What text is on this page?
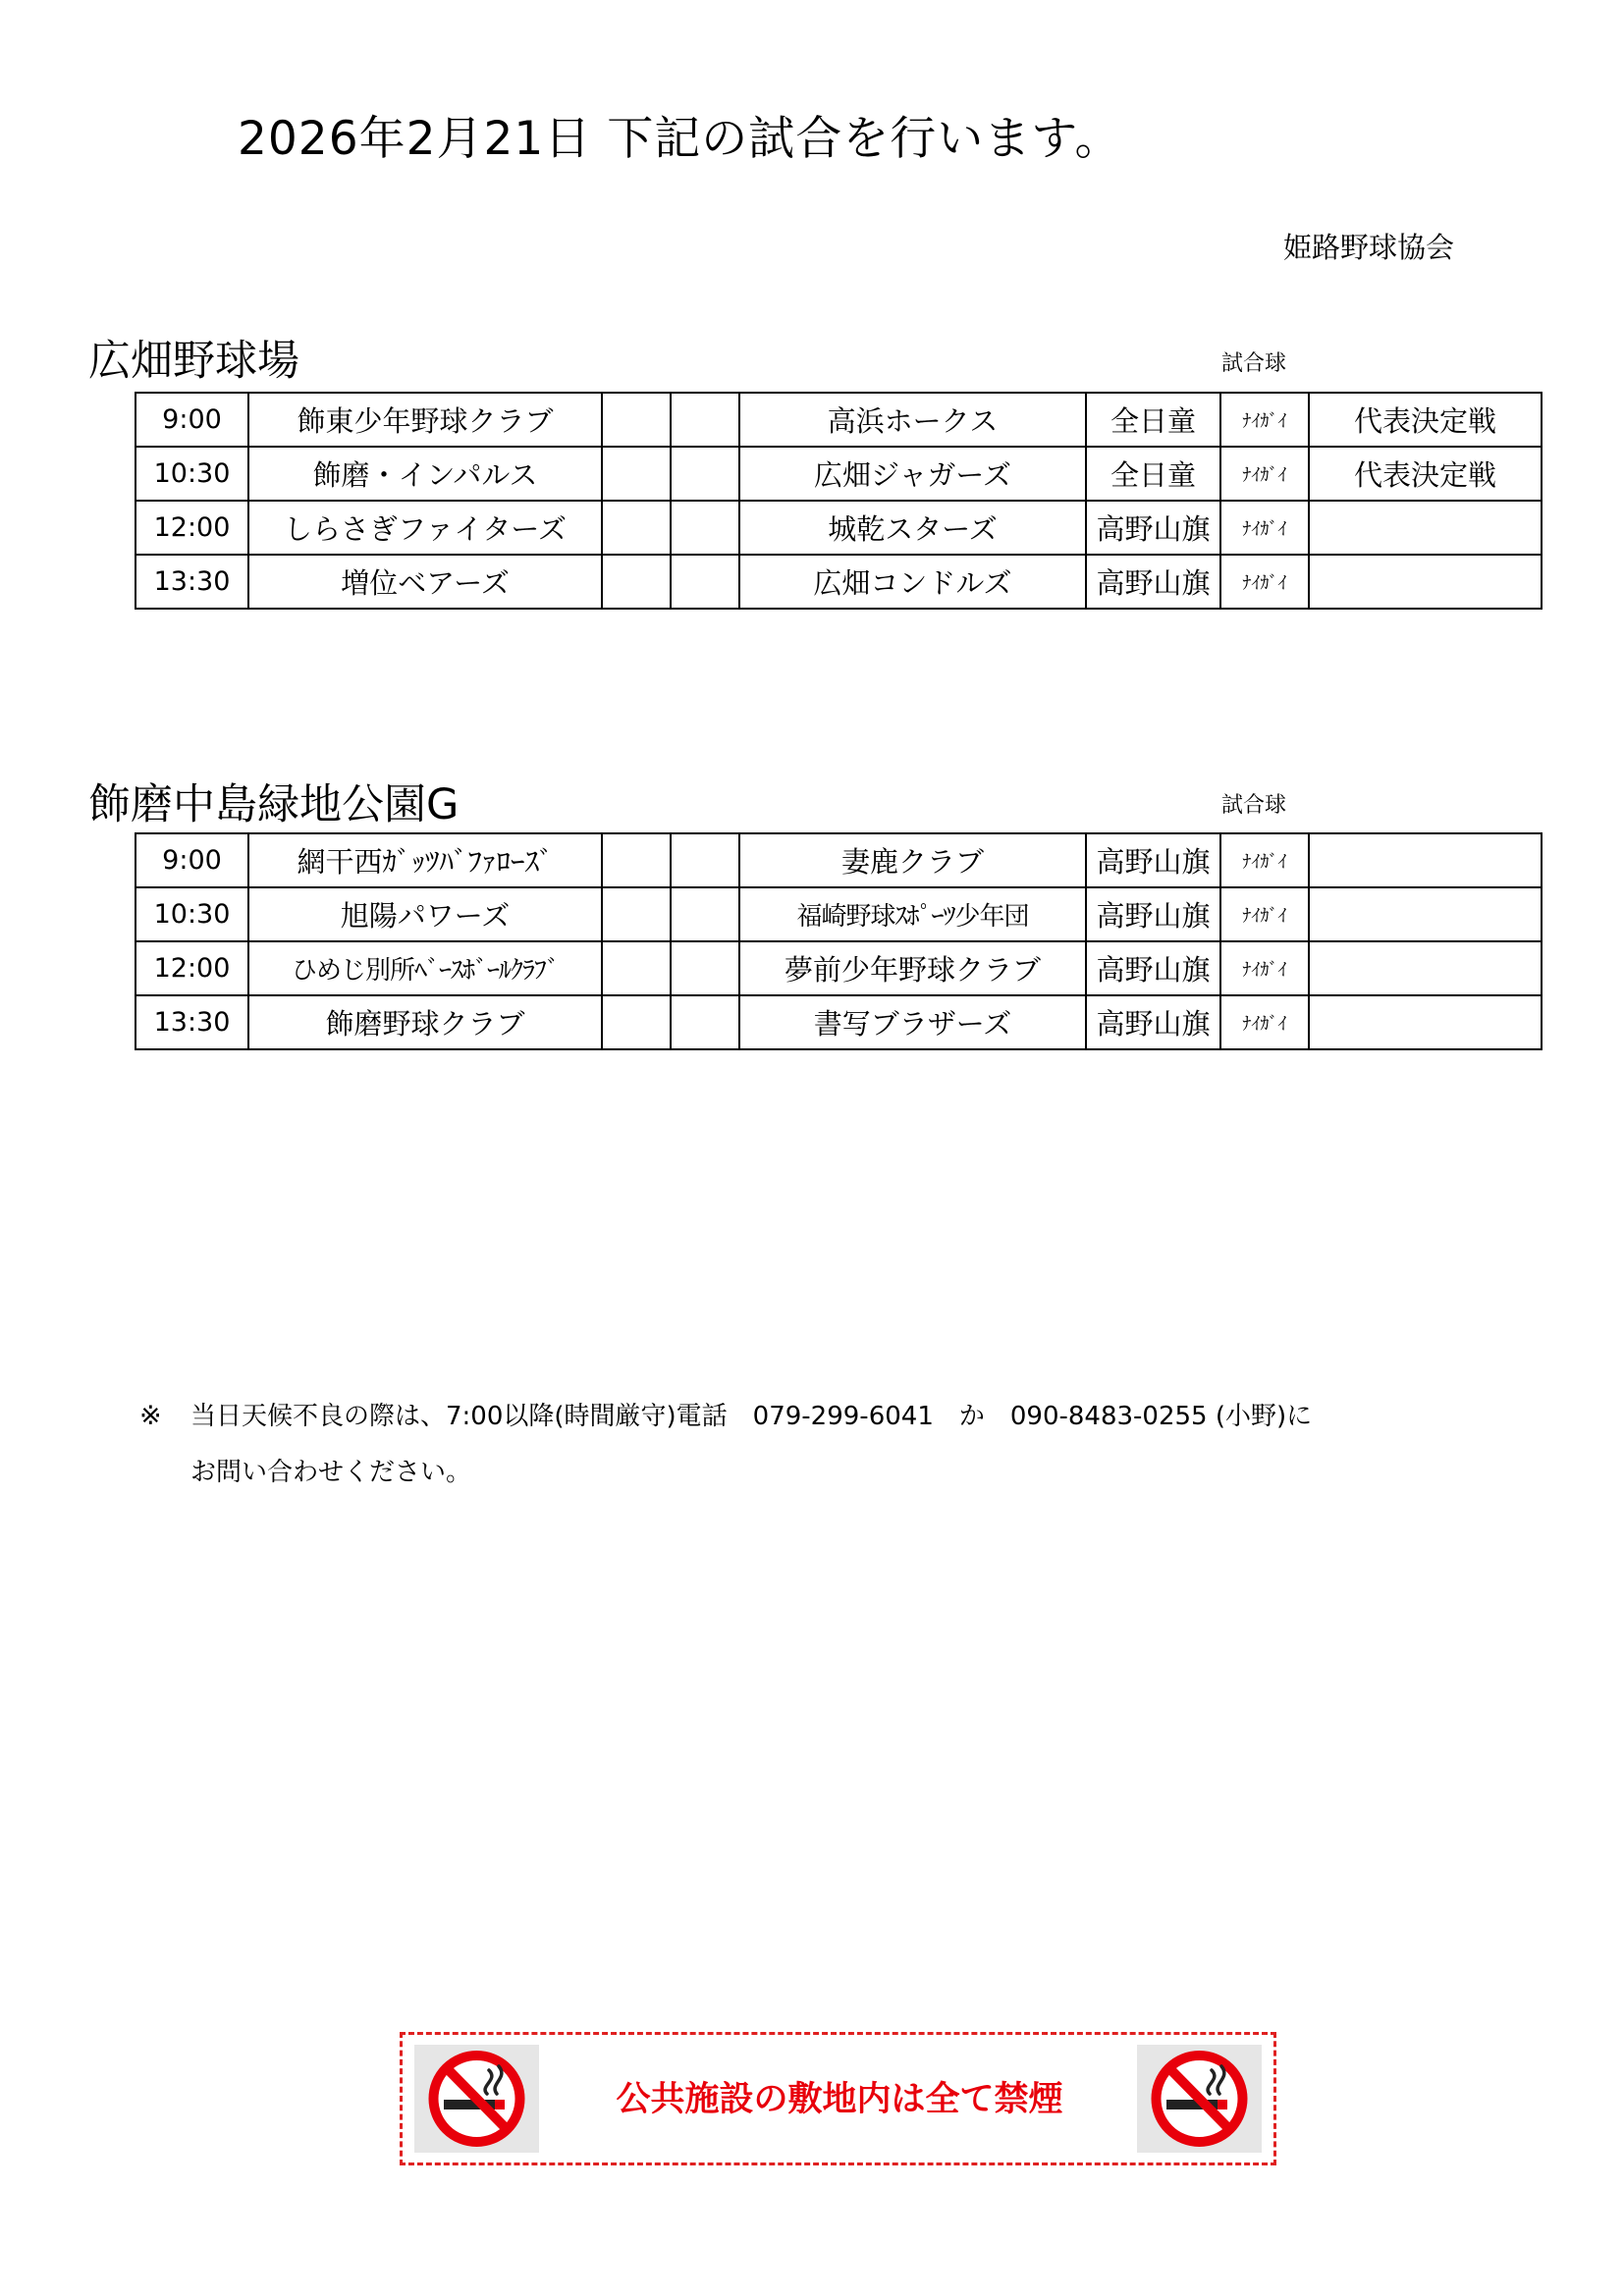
2026年2月21日 下記の試合を行います。
姫路野球協会
広畑野球場	試合球
9:00	飾東少年野球クラブ			高浜ホークス	全日童	ﾅｲｶﾞｲ	代表決定戦
10:30	飾磨・インパルス			広畑ジャガーズ	全日童	ﾅｲｶﾞｲ	代表決定戦
12:00	しらさぎファイターズ			城乾スターズ	高野山旗	ﾅｲｶﾞｲ	
13:30	増位ベアーズ			広畑コンドルズ	高野山旗	ﾅｲｶﾞｲ	
飾磨中島緑地公園G	試合球
9:00	網干西ｶﾞｯﾂﾊﾞﾌｧﾛｰｽﾞ			妻鹿クラブ	高野山旗	ﾅｲｶﾞｲ	
10:30	旭陽パワーズ			福崎野球ｽﾎﾟｰﾂ少年団	高野山旗	ﾅｲｶﾞｲ	
12:00	ひめじ別所ﾍﾞｰｽﾎﾞｰﾙｸﾗﾌﾞ			夢前少年野球クラブ	高野山旗	ﾅｲｶﾞｲ	
13:30	飾磨野球クラブ			書写ブラザーズ	高野山旗	ﾅｲｶﾞｲ	
※ 当日天候不良の際は、7:00以降(時間厳守)電話　079-299-6041　か　090-8483-0255 (小野)に
お問い合わせください。
公共施設の敷地内は全て禁煙
